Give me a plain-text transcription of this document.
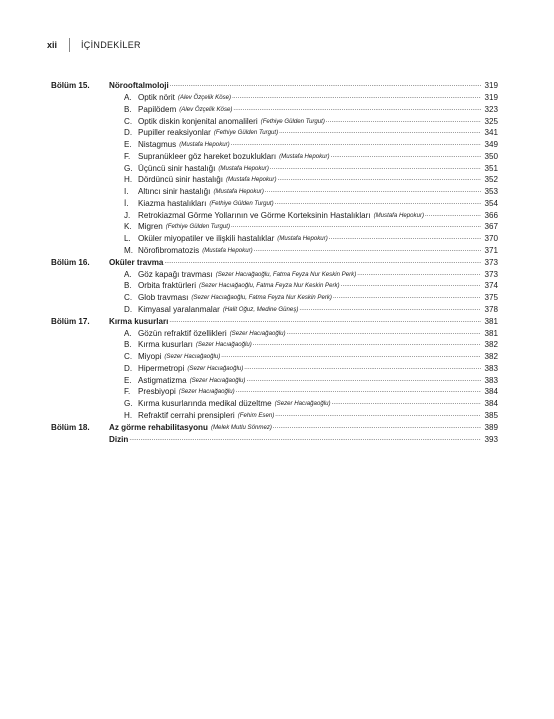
xii	İÇİNDEKİLER
Bölüm 15. Nörooftalmoloji .....	319
A. Optik nörit (Alev Özçelik Köse) .....	319
B. Papilödem (Alev Özçelik Köse) .....	323
C. Optik diskin konjenital anomalileri (Fethiye Gülden Turgut) .....	325
D. Pupiller reaksiyonlar (Fethiye Gülden Turgut) .....	341
E. Nistagmus (Mustafa Hepokur) .....	349
F. Supranükleer göz hareket bozuklukları (Mustafa Hepokur) .....	350
G. Üçüncü sinir hastalığı (Mustafa Hepokur) .....	351
H. Dördüncü sinir hastalığı (Mustafa Hepokur) .....	352
I.	Altıncı sinir hastalığı (Mustafa Hepokur) .....	353
İ.	Kiazma hastalıkları (Fethiye Gülden Turgut) .....	354
J. Retrokiazmal Görme Yollarının ve Görme Korteksinin Hastalıkları (Mustafa Hepokur) .....	366
K. Migren (Fethiye Gülden Turgut) .....	367
L. Oküler miyopatiler ve ilişkili hastalıklar (Mustafa Hepokur) .....	370
M. Nörofibromatozis (Mustafa Hepokur) .....	371
Bölüm 16. Oküler travma .....	373
A. Göz kapağı travması (Sezer Hacıağaoğlu, Fatma Feyza Nur Keskin Perk) .....	373
B. Orbita fraktürleri (Sezer Hacıağaoğlu, Fatma Feyza Nur Keskin Perk) .....	374
C. Glob travması (Sezer Hacıağaoğlu, Fatma Feyza Nur Keskin Perk) .....	375
D. Kimyasal yaralanmalar (Halit Oğuz, Medine Güneş) .....	378
Bölüm 17. Kırma kusurları .....	381
A. Gözün refraktif özellikleri (Sezer Hacıağaoğlu) .....	381
B. Kırma kusurları (Sezer Hacıağaoğlu) .....	382
C. Miyopi (Sezer Hacıağaoğlu) .....	382
D. Hipermetropi (Sezer Hacıağaoğlu) .....	383
E. Astigmatizma (Sezer Hacıağaoğlu) .....	383
F. Presbiyopi (Sezer Hacıağaoğlu) .....	384
G. Kırma kusurlarında medikal düzeltme (Sezer Hacıağaoğlu) .....	384
H. Refraktif cerrahi prensipleri (Fehim Esen) .....	385
Bölüm 18. Az görme rehabilitasyonu (Melek Mutlu Sönmez) .....	389
Dizin .....	393
